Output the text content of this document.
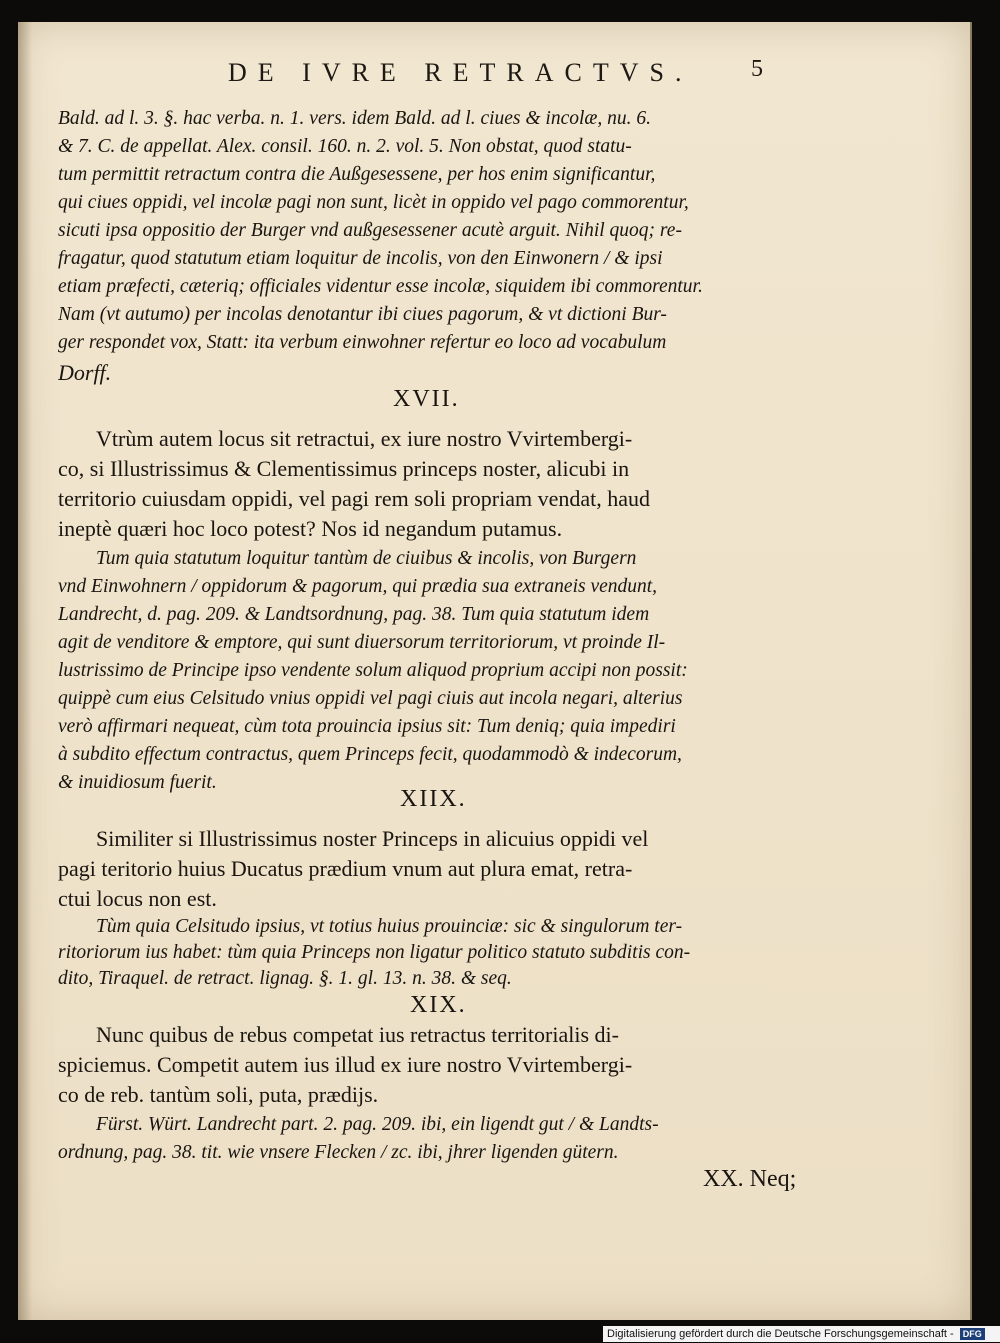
DE IVRE RETRACTVS.	5
Bald. ad l. 3. §. hac verba. n. 1. vers. idem Bald. ad l. ciues & incolæ, nu. 6.
& 7. C. de appellat. Alex. consil. 160. n. 2. vol. 5. Non obstat, quod statu-
tum permittit retractum contra die Außgesessene, per hos enim significantur,
qui ciues oppidi, vel incolæ pagi non sunt, licèt in oppido vel pago commorentur,
sicuti ipsa oppositio der Burger vnd außgesessener acutè arguit. Nihil quoq; re-
fragatur, quod statutum etiam loquitur de incolis, von den Einwonern / & ipsi
etiam præfecti, cæteriq; officiales videntur esse incolæ, siquidem ibi commorentur.
Nam (vt autumo) per incolas denotantur ibi ciues pagorum, & vt dictioni Bur-
ger respondet vox, Statt: ita verbum einwohner refertur eo loco ad vocabulum
Dorff.
XVII.
Vtrùm autem locus sit retractui, ex iure nostro Vvirtembergi-
co, si Illustrissimus & Clementissimus princeps noster, alicubi in
territorio cuiusdam oppidi, vel pagi rem soli propriam vendat, haud
ineptè quæri hoc loco potest? Nos id negandum putamus.
Tum quia statutum loquitur tantùm de ciuibus & incolis, von Burgern
vnd Einwohnern / oppidorum & pagorum, qui prædia sua extraneis vendunt,
Landrecht, d. pag. 209. & Landtsordnung, pag. 38. Tum quia statutum idem
agit de venditore & emptore, qui sunt diuersorum territoriorum, vt proinde Il-
lustrissimo de Principe ipso vendente solum aliquod proprium accipi non possit:
quippè cum eius Celsitudo vnius oppidi vel pagi ciuis aut incola negari, alterius
verò affirmari nequeat, cùm tota prouincia ipsius sit: Tum deniq; quia impediri
à subdito effectum contractus, quem Princeps fecit, quodammodò & indecorum,
& inuidiosum fuerit.
XIIX.
Similiter si Illustrissimus noster Princeps in alicuius oppidi vel
pagi teritorio huius Ducatus prædium vnum aut plura emat, retra-
ctui locus non est.
Tùm quia Celsitudo ipsius, vt totius huius prouinciæ: sic & singulorum ter-
ritoriorum ius habet: tùm quia Princeps non ligatur politico statuto subditis con-
dito, Tiraquel. de retract. lignag. §. 1. gl. 13. n. 38. & seq.
XIX.
Nunc quibus de rebus competat ius retractus territorialis di-
spiciemus. Competit autem ius illud ex iure nostro Vvirtembergi-
co de reb. tantùm soli, puta, prædijs.
Fürst. Würt. Landrecht part. 2. pag. 209. ibi, ein ligendt gut / & Landts-
ordnung, pag. 38. tit. wie vnsere Flecken / zc. ibi, jhrer ligenden gütern.
XX. Neq;
Digitalisierung gefördert durch die Deutsche Forschungsgemeinschaft - DFG
